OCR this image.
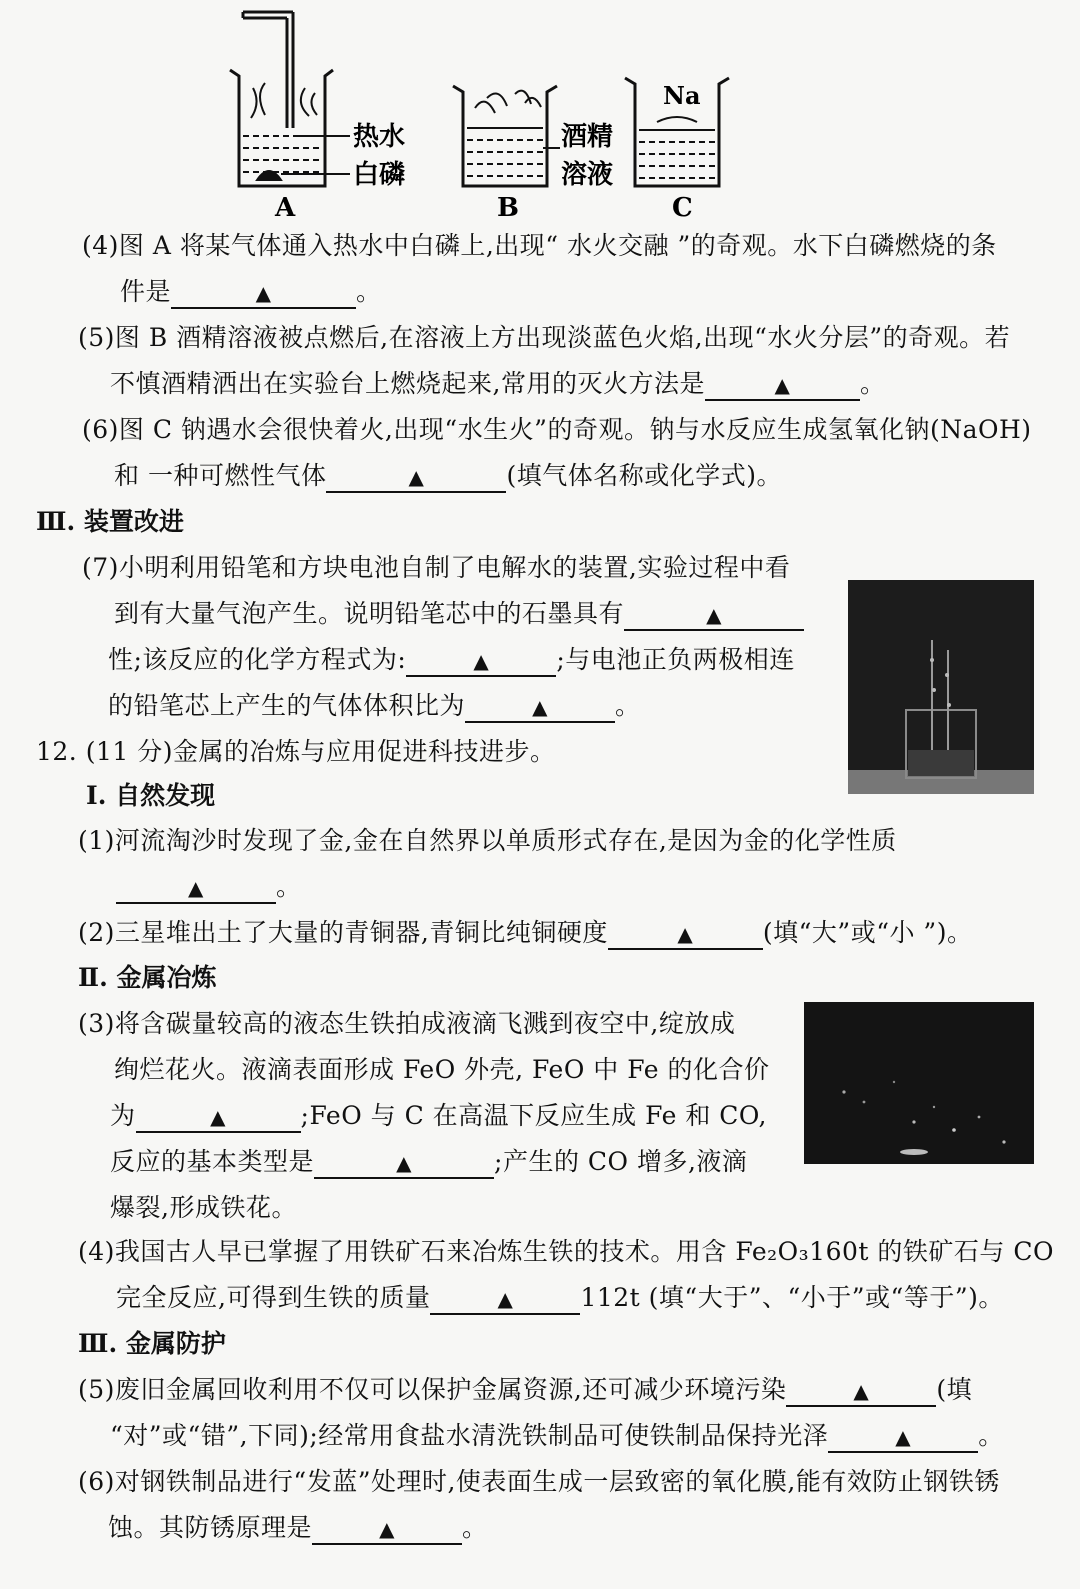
热水
白磷
A
酒精
溶液
B
Na
C
(4)图 A 将某气体通入热水中白磷上,出现“ 水火交融 ”的奇观。水下白磷燃烧的条
件是	▲	。
(5)图 B 酒精溶液被点燃后,在溶液上方出现淡蓝色火焰,出现“水火分层”的奇观。若
不慎酒精洒出在实验台上燃烧起来,常用的灭火方法是	▲	。
(6)图 C 钠遇水会很快着火,出现“水生火”的奇观。钠与水反应生成氢氧化钠(NaOH)
和 一种可燃性气体	▲	(填气体名称或化学式)。
Ⅲ. 装置改进
(7)小明利用铅笔和方块电池自制了电解水的装置,实验过程中看
到有大量气泡产生。说明铅笔芯中的石墨具有	▲
性;该反应的化学方程式为:	▲	;与电池正负两极相连
的铅笔芯上产生的气体体积比为	▲	。
12. (11 分)金属的冶炼与应用促进科技进步。
Ⅰ. 自然发现
(1)河流淘沙时发现了金,金在自然界以单质形式存在,是因为金的化学性质
▲	。
(2)三星堆出土了大量的青铜器,青铜比纯铜硬度	▲	(填“大”或“小 ”)。
Ⅱ. 金属冶炼
(3)将含碳量较高的液态生铁拍成液滴飞溅到夜空中,绽放成
绚烂花火。液滴表面形成 FeO 外壳, FeO 中 Fe 的化合价
为	▲	;FeO 与 C 在高温下反应生成 Fe 和 CO,
反应的基本类型是	▲	;产生的 CO 增多,液滴
爆裂,形成铁花。
(4)我国古人早已掌握了用铁矿石来冶炼生铁的技术。用含 Fe₂O₃160t 的铁矿石与 CO
完全反应,可得到生铁的质量	▲	112t (填“大于”、“小于”或“等于”)。
Ⅲ. 金属防护
(5)废旧金属回收利用不仅可以保护金属资源,还可减少环境污染	▲	(填
“对”或“错”,下同);经常用食盐水清洗铁制品可使铁制品保持光泽	▲	。
(6)对钢铁制品进行“发蓝”处理时,使表面生成一层致密的氧化膜,能有效防止钢铁锈
蚀。其防锈原理是	▲	。
